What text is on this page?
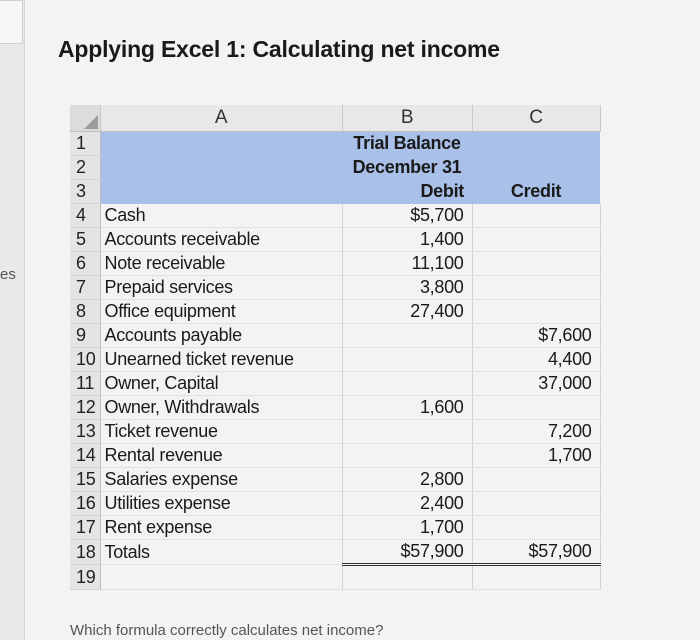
es
Applying Excel 1: Calculating net income
	A	B	C
1		Trial Balance	
2		December 31	
3		Debit	Credit
4	Cash	$5,700	
5	Accounts receivable	1,400	
6	Note receivable	11,100	
7	Prepaid services	3,800	
8	Office equipment	27,400	
9	Accounts payable		$7,600
10	Unearned ticket revenue		4,400
11	Owner, Capital		37,000
12	Owner, Withdrawals	1,600	
13	Ticket revenue		7,200
14	Rental revenue		1,700
15	Salaries expense	2,800	
16	Utilities expense	2,400	
17	Rent expense	1,700	
18	Totals	$57,900	$57,900
19			
Which formula correctly calculates net income?
